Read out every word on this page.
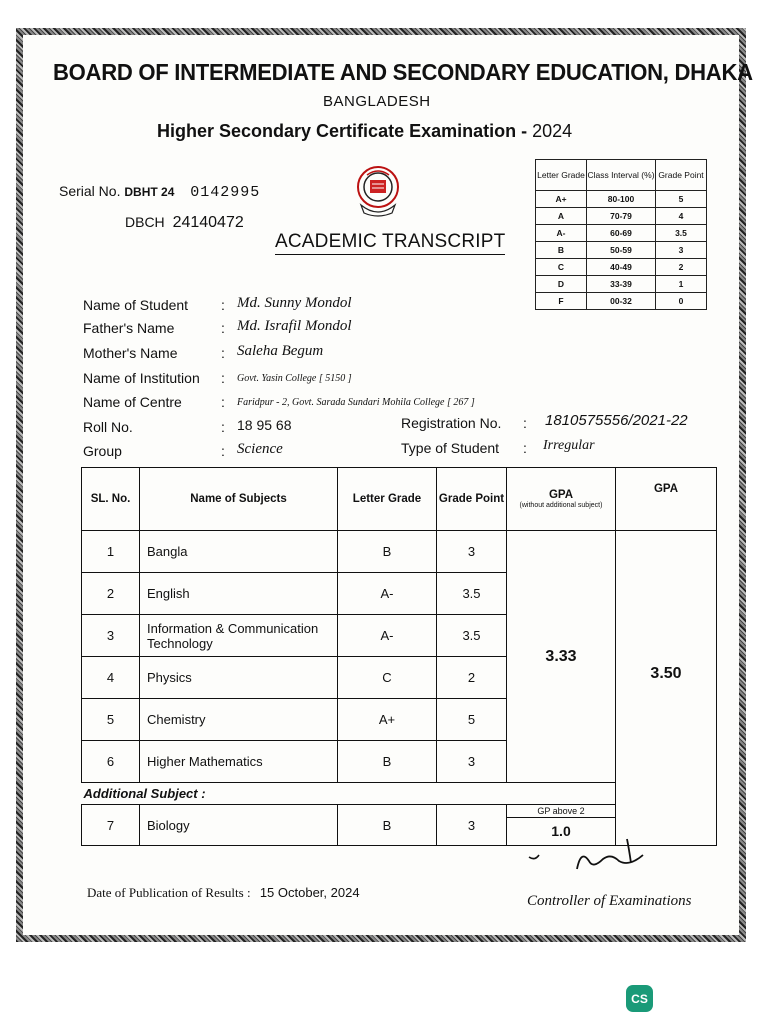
BOARD OF INTERMEDIATE AND SECONDARY EDUCATION, DHAKA
BANGLADESH
Higher Secondary Certificate Examination - 2024
Serial No. DBHT 24 0142995
DBCH 24140472
ACADEMIC TRANSCRIPT
Letter Grade	Class Interval (%)	Grade Point
A+	80-100	5
A	70-79	4
A-	60-69	3.5
B	50-59	3
C	40-49	2
D	33-39	1
F	00-32	0
Name of Student : Md. Sunny Mondol
Father's Name	: Md. Israfil Mondol
Mother's Name	: Saleha Begum
Name of Institution : Govt. Yasin College [ 5150 ]
Name of Centre	: Faridpur - 2, Govt. Sarada Sundari Mohila College [ 267 ]
Roll No.	: 18 95 68	Registration No. : 1810575556/2021-22
Group	: Science	Type of Student : Irregular
SL. No.	Name of Subjects	Letter Grade	Grade Point	GPA
(without additional subject)	GPA
1	Bangla	B	3	3.33	3.50
2	English	A-	3.5		
3	Information & Communication Technology	A-	3.5		
4	Physics	C	2		
5	Chemistry	A+	5		
6	Higher Mathematics	B	3		
Additional Subject :					
7	Biology	B	3	GP above 2
1.0	
Date of Publication of Results : 15 October, 2024
Controller of Examinations
CS
